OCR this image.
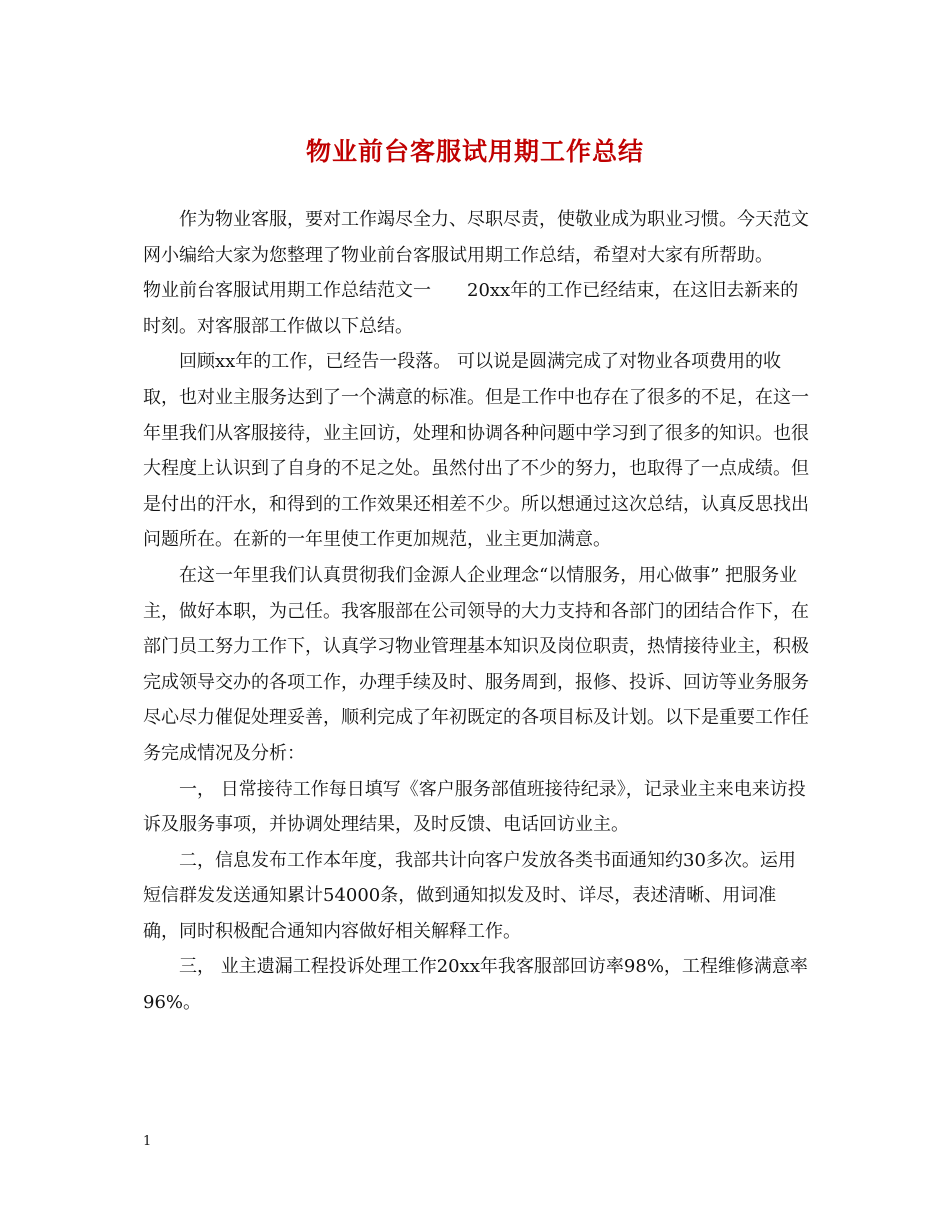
物业前台客服试用期工作总结

作为物业客服，要对工作竭尽全力、尽职尽责，使敬业成为职业习惯。今天范文网小编给大家为您整理了物业前台客服试用期工作总结，希望对大家有所帮助。

物业前台客服试用期工作总结范文一　　20xx年的工作已经结束，在这旧去新来的时刻。对客服部工作做以下总结。

回顾xx年的工作，已经告一段落。 可以说是圆满完成了对物业各项费用的收取，也对业主服务达到了一个满意的标准。但是工作中也存在了很多的不足，在这一年里我们从客服接待，业主回访，处理和协调各种问题中学习到了很多的知识。也很大程度上认识到了自身的不足之处。虽然付出了不少的努力，也取得了一点成绩。但是付出的汗水，和得到的工作效果还相差不少。所以想通过这次总结，认真反思找出问题所在。在新的一年里使工作更加规范，业主更加满意。

在这一年里我们认真贯彻我们金源人企业理念“以情服务，用心做事” 把服务业主，做好本职，为己任。我客服部在公司领导的大力支持和各部门的团结合作下，在部门员工努力工作下，认真学习物业管理基本知识及岗位职责，热情接待业主，积极完成领导交办的各项工作，办理手续及时、服务周到，报修、投诉、回访等业务服务尽心尽力催促处理妥善，顺利完成了年初既定的各项目标及计划。以下是重要工作任务完成情况及分析：

一， 日常接待工作每日填写《客户服务部值班接待纪录》，记录业主来电来访投诉及服务事项，并协调处理结果，及时反馈、电话回访业主。

二，信息发布工作本年度，我部共计向客户发放各类书面通知约30多次。运用短信群发发送通知累计54000条，做到通知拟发及时、详尽，表述清晰、用词准确，同时积极配合通知内容做好相关解释工作。

三， 业主遗漏工程投诉处理工作20xx年我客服部回访率98%，工程维修满意率96%。

1
